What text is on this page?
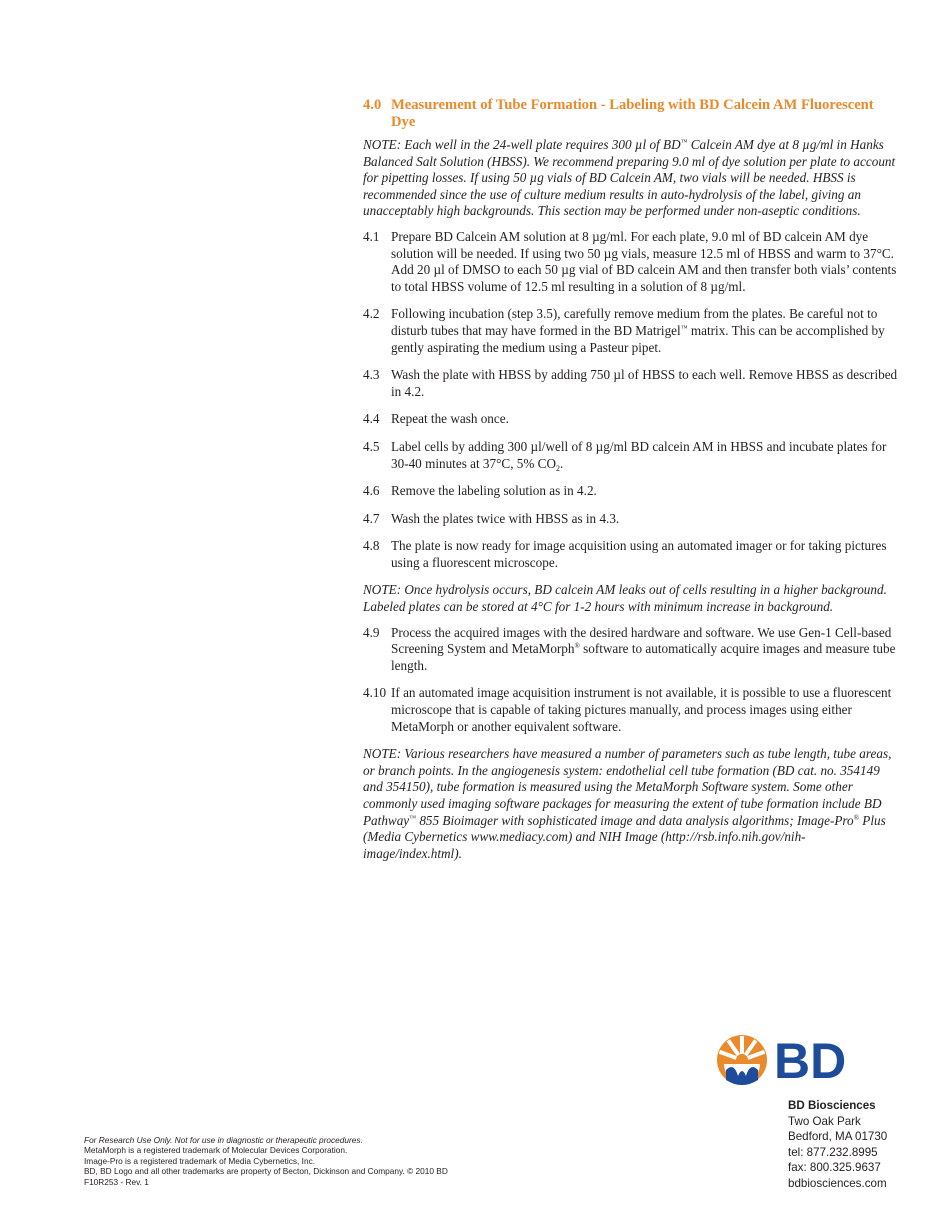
4.0 Measurement of Tube Formation - Labeling with BD Calcein AM Fluorescent Dye

NOTE: Each well in the 24-well plate requires 300 µl of BD™ Calcein AM dye at 8 µg/ml in Hanks Balanced Salt Solution (HBSS). We recommend preparing 9.0 ml of dye solution per plate to account for pipetting losses. If using 50 µg vials of BD Calcein AM, two vials will be needed. HBSS is recommended since the use of culture medium results in auto-hydrolysis of the label, giving an unacceptably high backgrounds. This section may be performed under non-aseptic conditions.

4.1 Prepare BD Calcein AM solution at 8 µg/ml. For each plate, 9.0 ml of BD calcein AM dye solution will be needed. If using two 50 µg vials, measure 12.5 ml of HBSS and warm to 37°C. Add 20 µl of DMSO to each 50 µg vial of BD calcein AM and then transfer both vials’ contents to total HBSS volume of 12.5 ml resulting in a solution of 8 µg/ml.
4.2 Following incubation (step 3.5), carefully remove medium from the plates. Be careful not to disturb tubes that may have formed in the BD Matrigel™ matrix. This can be accomplished by gently aspirating the medium using a Pasteur pipet.
4.3 Wash the plate with HBSS by adding 750 µl of HBSS to each well. Remove HBSS as described in 4.2.
4.4 Repeat the wash once.
4.5 Label cells by adding 300 µl/well of 8 µg/ml BD calcein AM in HBSS and incubate plates for 30-40 minutes at 37°C, 5% $CO_2$.
4.6 Remove the labeling solution as in 4.2.
4.7 Wash the plates twice with HBSS as in 4.3.
4.8 The plate is now ready for image acquisition using an automated imager or for taking pictures using a fluorescent microscope.

NOTE: Once hydrolysis occurs, BD calcein AM leaks out of cells resulting in a higher background. Labeled plates can be stored at 4°C for 1-2 hours with minimum increase in background.

4.9 Process the acquired images with the desired hardware and software. We use Gen-1 Cell-based Screening System and MetaMorph® software to automatically acquire images and measure tube length.
4.10 If an automated image acquisition instrument is not available, it is possible to use a fluorescent microscope that is capable of taking pictures manually, and process images using either MetaMorph or another equivalent software.

NOTE: Various researchers have measured a number of parameters such as tube length, tube areas, or branch points. In the angiogenesis system: endothelial cell tube formation (BD cat. no. 354149 and 354150), tube formation is measured using the MetaMorph Software system. Some other commonly used imaging software packages for measuring the extent of tube formation include BD Pathway™ 855 Bioimager with sophisticated image and data analysis algorithms; Image-Pro® Plus (Media Cybernetics www.mediacy.com) and NIH Image (http://rsb.info.nih.gov/nih-image/index.html).

BD
For Research Use Only. Not for use in diagnostic or therapeutic procedures.
MetaMorph is a registered trademark of Molecular Devices Corporation.
Image-Pro is a registered trademark of Media Cybernetics, Inc.
BD, BD Logo and all other trademarks are property of Becton, Dickinson and Company. © 2010 BD
F10R253 - Rev. 1
BD Biosciences
Two Oak Park
Bedford, MA 01730
tel: 877.232.8995
fax: 800.325.9637
bdbiosciences.com
